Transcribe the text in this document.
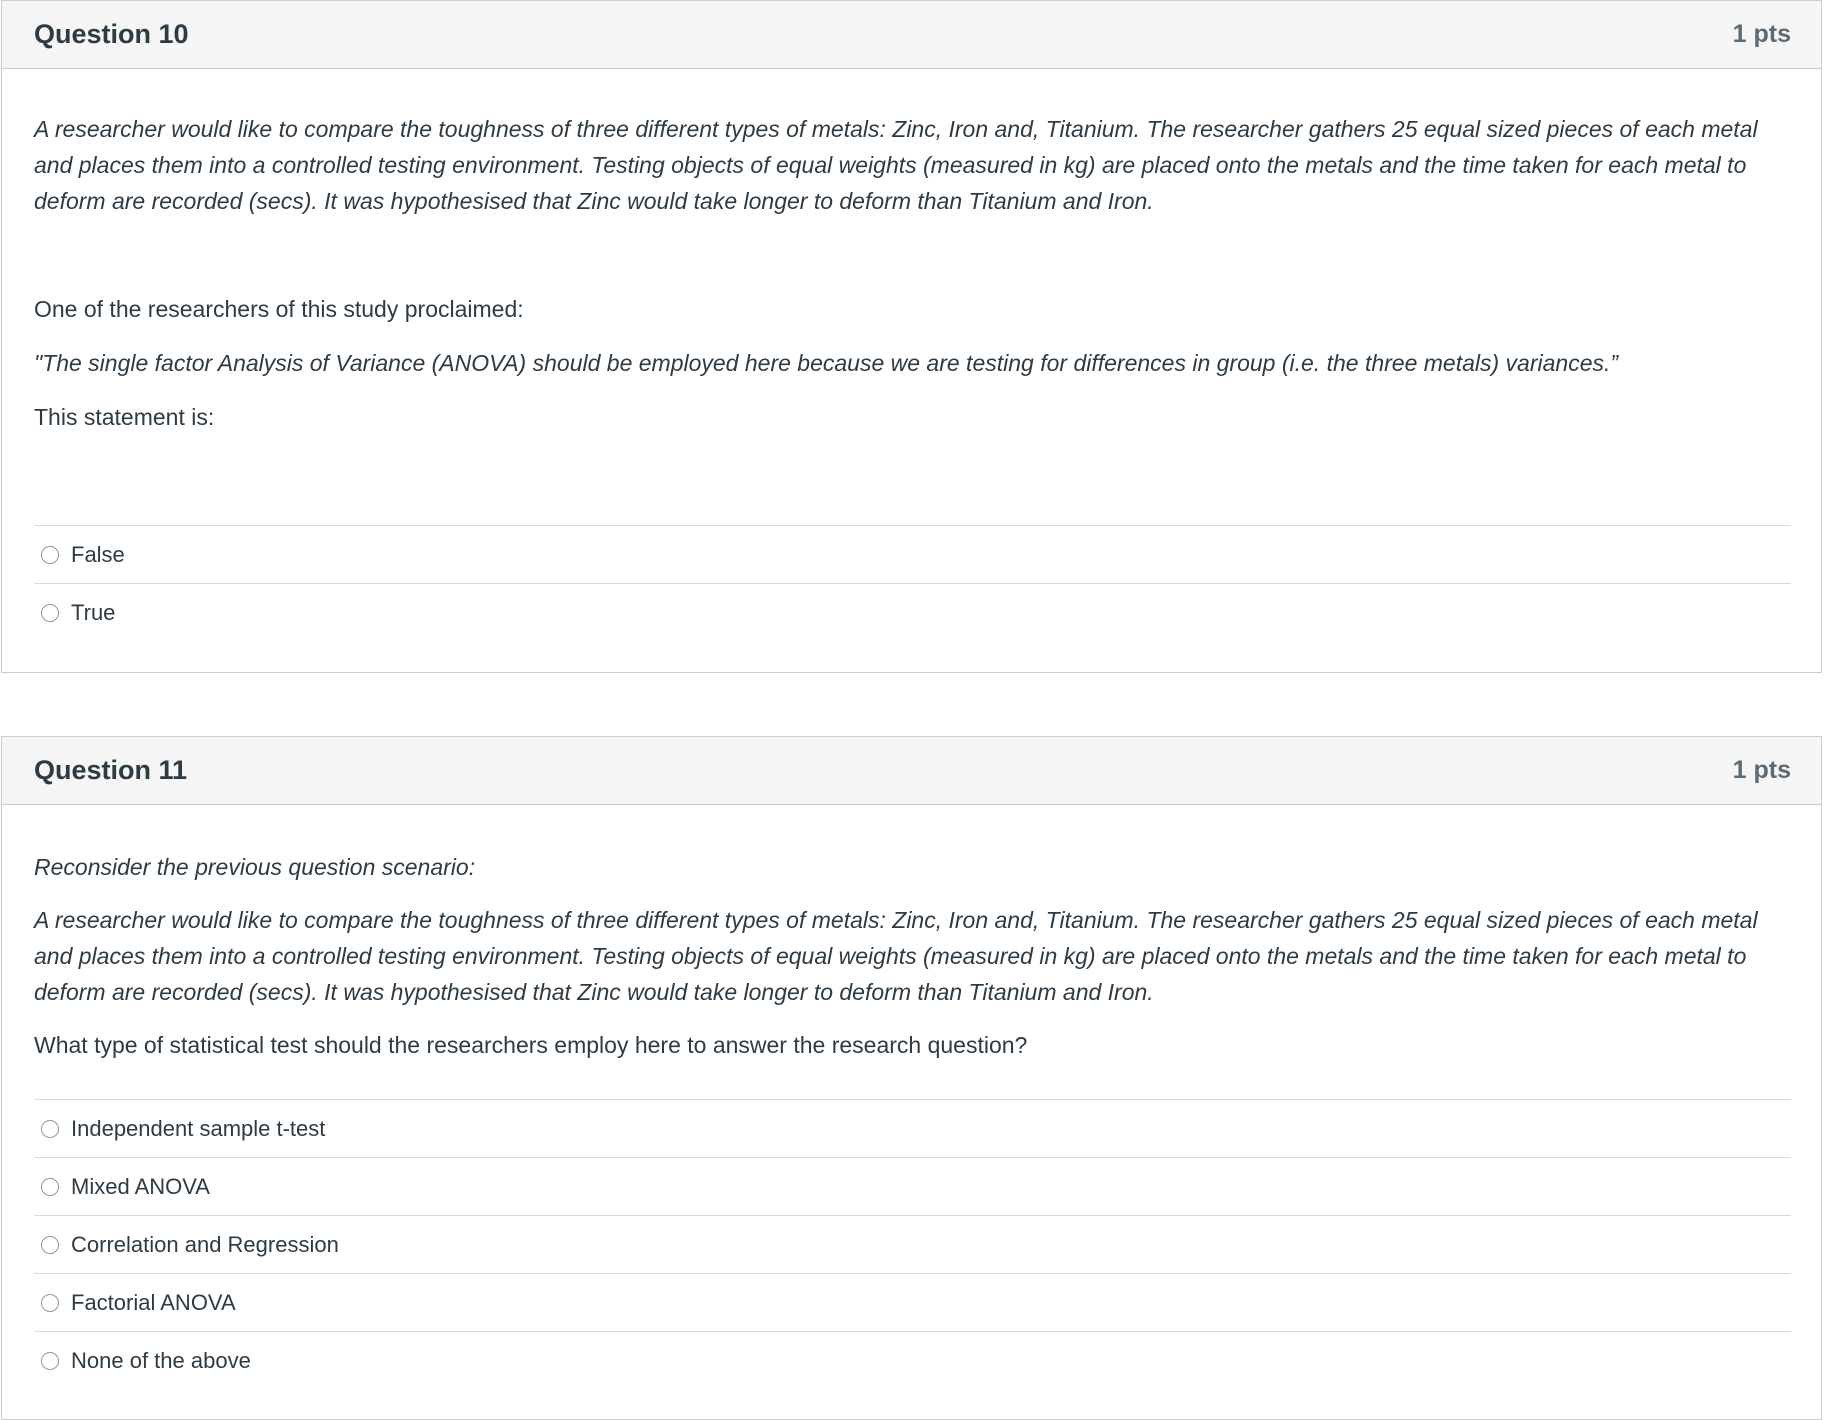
Question 10	1 pts

A researcher would like to compare the toughness of three different types of metals: Zinc, Iron and, Titanium. The researcher gathers 25 equal sized pieces of each metal and places them into a controlled testing environment. Testing objects of equal weights (measured in kg) are placed onto the metals and the time taken for each metal to deform are recorded (secs). It was hypothesised that Zinc would take longer to deform than Titanium and Iron.

One of the researchers of this study proclaimed:

"The single factor Analysis of Variance (ANOVA) should be employed here because we are testing for differences in group (i.e. the three metals) variances.”

This statement is:

False
True
Question 11	1 pts

Reconsider the previous question scenario:

A researcher would like to compare the toughness of three different types of metals: Zinc, Iron and, Titanium. The researcher gathers 25 equal sized pieces of each metal and places them into a controlled testing environment. Testing objects of equal weights (measured in kg) are placed onto the metals and the time taken for each metal to deform are recorded (secs). It was hypothesised that Zinc would take longer to deform than Titanium and Iron.

What type of statistical test should the researchers employ here to answer the research question?

Independent sample t-test
Mixed ANOVA
Correlation and Regression
Factorial ANOVA
None of the above
